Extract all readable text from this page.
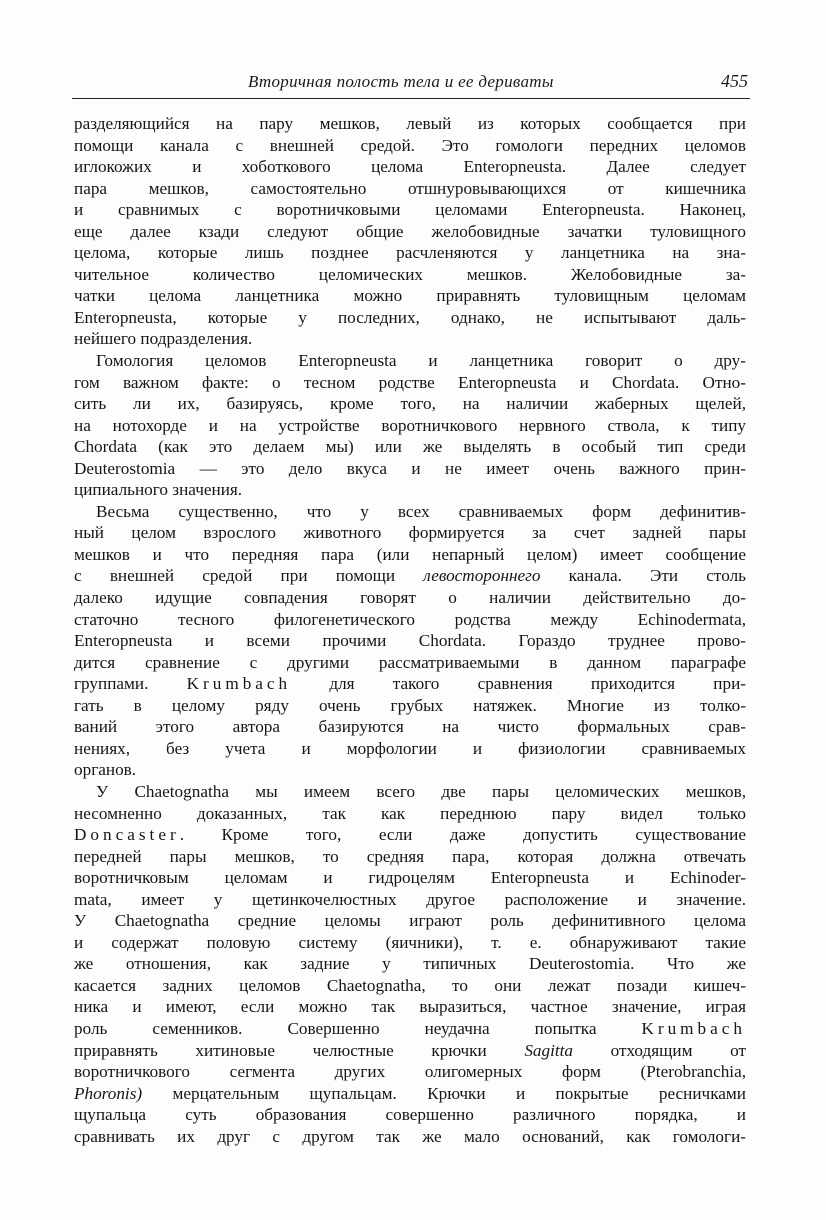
Вторичная полость тела и ее дериваты	455
разделяющийся на пару мешков, левый из которых сообщается при
помощи канала с внешней средой. Это гомологи передних целомов
иглокожих и хоботкового целома Enteropneusta. Далее следует
пара мешков, самостоятельно отшнуровывающихся от кишечника
и сравнимых с воротничковыми целомами Enteropneusta. Наконец,
еще далее кзади следуют общие желобовидные зачатки туловищного
целома, которые лишь позднее расчленяются у ланцетника на зна-
чительное количество целомических мешков. Желобовидные за-
чатки целома ланцетника можно приравнять туловищным целомам
Enteropneusta, которые у последних, однако, не испытывают даль-
нейшего подразделения.
Гомология целомов Enteropneusta и ланцетника говорит о дру-
гом важном факте: о тесном родстве Enteropneusta и Chordata. Отно-
сить ли их, базируясь, кроме того, на наличии жаберных щелей,
на нотохорде и на устройстве воротничкового нервного ствола, к типу
Chordata (как это делаем мы) или же выделять в особый тип среди
Deuterostomia — это дело вкуса и не имеет очень важного прин-
ципиального значения.
Весьма существенно, что у всех сравниваемых форм дефинитив-
ный целом взрослого животного формируется за счет задней пары
мешков и что передняя пара (или непарный целом) имеет сообщение
с внешней средой при помощи левостороннего канала. Эти столь
далеко идущие совпадения говорят о наличии действительно до-
статочно тесного филогенетического родства между Echinodermata,
Enteropneusta и всеми прочими Chordata. Гораздо труднее прово-
дится сравнение с другими рассматриваемыми в данном параграфе
группами. Krumbach для такого сравнения приходится при-
гать в целому ряду очень грубых натяжек. Многие из толко-
ваний этого автора базируются на чисто формальных срав-
нениях, без учета и морфологии и физиологии сравниваемых
органов.
У Chaetognatha мы имеем всего две пары целомических мешков,
несомненно доказанных, так как переднюю пару видел только
Doncaster. Кроме того, если даже допустить существование
передней пары мешков, то средняя пара, которая должна отвечать
воротничковым целомам и гидроцелям Enteropneusta и Echinoder-
mata, имеет у щетинкочелюстных другое расположение и значение.
У Chaetognatha средние целомы играют роль дефинитивного целома
и содержат половую систему (яичники), т. е. обнаруживают такие
же отношения, как задние у типичных Deuterostomia. Что же
касается задних целомов Chaetognatha, то они лежат позади кишеч-
ника и имеют, если можно так выразиться, частное значение, играя
роль семенников. Совершенно неудачна попытка Krumbach
приравнять хитиновые челюстные крючки Sagitta отходящим от
воротничкового сегмента других олигомерных форм (Pterobranchia,
Phoronis) мерцательным щупальцам. Крючки и покрытые ресничками
щупальца суть образования совершенно различного порядка, и
сравнивать их друг с другом так же мало оснований, как гомологи-
